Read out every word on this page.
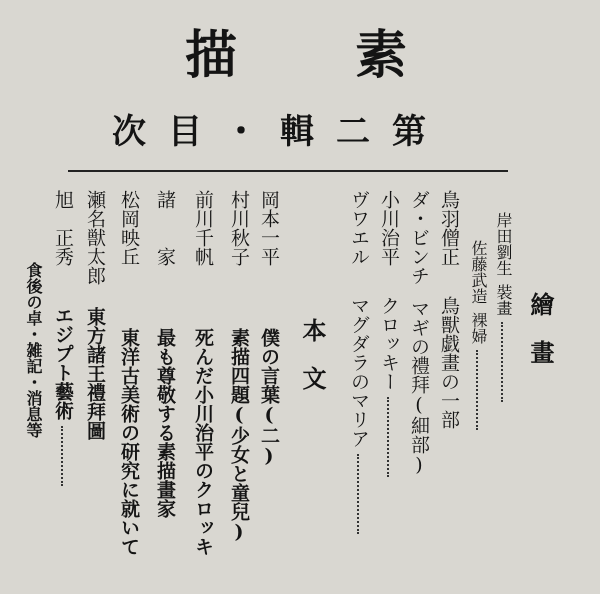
描 素
第二輯・目次
繪　畫
岸田劉生裝畫
佐藤武造裸婦
鳥羽僧正鳥獸戯畫の一部
ダ・ビンチマギの禮拜(細部)
小川治平クロッキー
ヴワエルマグダラのマリア
本　文
岡本一平僕の言葉(二)
村川秋子素描四題(少女と童兒)
前川千帆死んだ小川治平のクロッキ
諸　　家最も尊敬する素描畫家
松岡映丘東洋古美術の研究に就いて
瀬名獣太郎東方諸王禮拜圖
旭　正秀エジプト藝術
食後の卓・雑記・消息等
